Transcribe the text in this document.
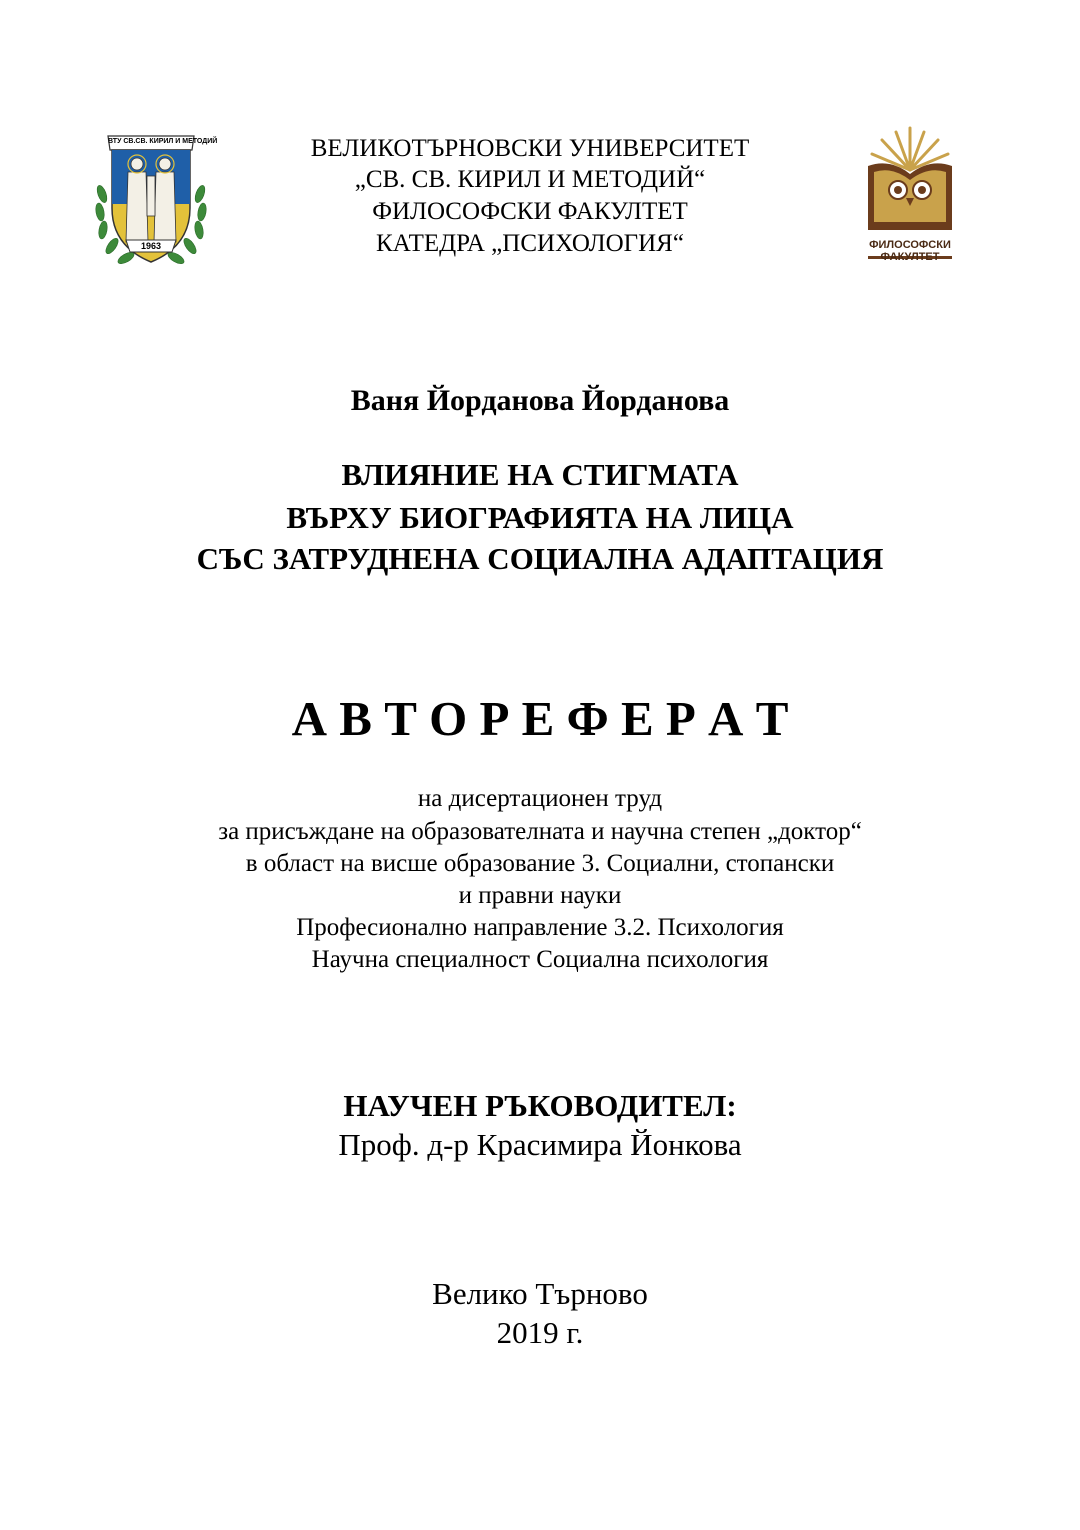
ВТУ СВ.СВ. КИРИЛ И МЕТОДИЙ
1963
ВЕЛИКОТЪРНОВСКИ УНИВЕРСИТЕТ
„СВ. СВ. КИРИЛ И МЕТОДИЙ“
ФИЛОСОФСКИ ФАКУЛТЕТ
КАТЕДРА „ПСИХОЛОГИЯ“	ФИЛОСОФСКИ
ФАКУЛТЕТ
Ваня Йорданова Йорданова
ВЛИЯНИЕ НА СТИГМАТА
ВЪРХУ БИОГРАФИЯТА НА ЛИЦА
СЪС ЗАТРУДНЕНА СОЦИАЛНА АДАПТАЦИЯ
А В Т О Р Е Ф Е Р А Т
на дисертационен труд
за присъждане на образователната и научна степен „доктор“
в област на висше образование 3. Социални, стопански
и правни науки
Професионално направление 3.2. Психология
Научна специалност Социална психология
НАУЧЕН РЪКОВОДИТЕЛ:
Проф. д-р Красимира Йонкова
Велико Търново
2019 г.
